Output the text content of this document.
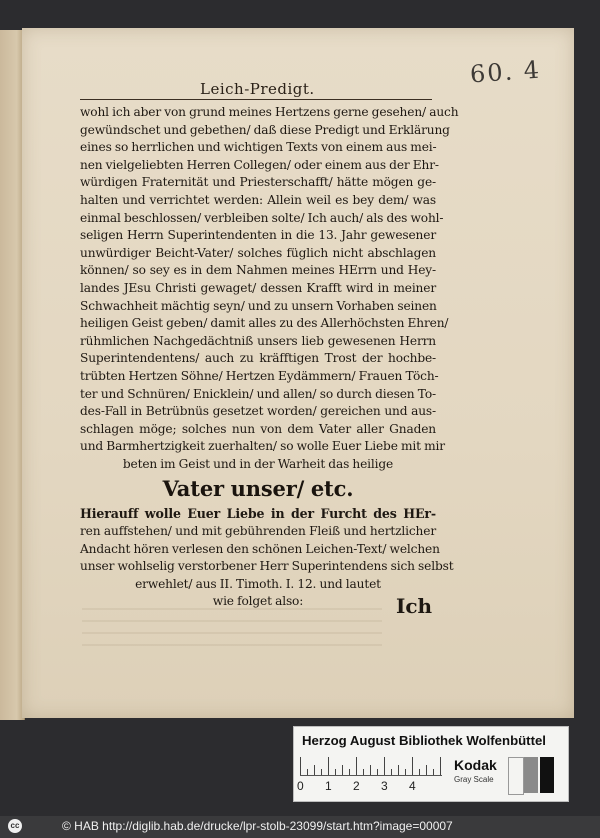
60. 4
Leich-Predigt.
wohl ich aber von grund meines Hertzens gerne gesehen/ auch
gewündschet und gebethen/ daß diese Predigt und Erklärung
eines so herrlichen und wichtigen Texts von einem aus mei-
nen vielgeliebten Herren Collegen/ oder einem aus der Ehr-
würdigen Fraternität und Priesterschafft/ hätte mögen ge-
halten und verrichtet werden: Allein weil es bey dem/ was
einmal beschlossen/ verbleiben solte/ Ich auch/ als des wohl-
seligen Herrn Superintendenten in die 13. Jahr gewesener
unwürdiger Beicht-Vater/ solches füglich nicht abschlagen
können/ so sey es in dem Nahmen meines HErrn und Hey-
landes JEsu Christi gewaget/ dessen Krafft wird in meiner
Schwachheit mächtig seyn/ und zu unsern Vorhaben seinen
heiligen Geist geben/ damit alles zu des Allerhöchsten Ehren/
rühmlichen Nachgedächtniß unsers lieb gewesenen Herrn
Superintendentens/ auch zu kräfftigen Trost der hochbe-
trübten Hertzen Söhne/ Hertzen Eydämmern/ Frauen Töch-
ter und Schnüren/ Enicklein/ und allen/ so durch diesen To-
des-Fall in Betrübnüs gesetzet worden/ gereichen und aus-
schlagen möge; solches nun von dem Vater aller Gnaden
und Barmhertzigkeit zuerhalten/ so wolle Euer Liebe mit mir
beten im Geist und in der Warheit das heilige
Vater unser/ etc.
Hierauff wolle Euer Liebe in der Furcht des HEr-
ren auffstehen/ und mit gebührenden Fleiß und hertzlicher
Andacht hören verlesen den schönen Leichen-Text/ welchen
unser wohlselig verstorbener Herr Superintendens sich selbst
erwehlet/ aus II. Timoth. I. 12. und lautet
wie folget also:	Ich
Herzog August Bibliothek Wolfenbüttel
0 1 2 3 4
Kodak
Gray Scale
cc	© HAB http://diglib.hab.de/drucke/lpr-stolb-23099/start.htm?image=00007
